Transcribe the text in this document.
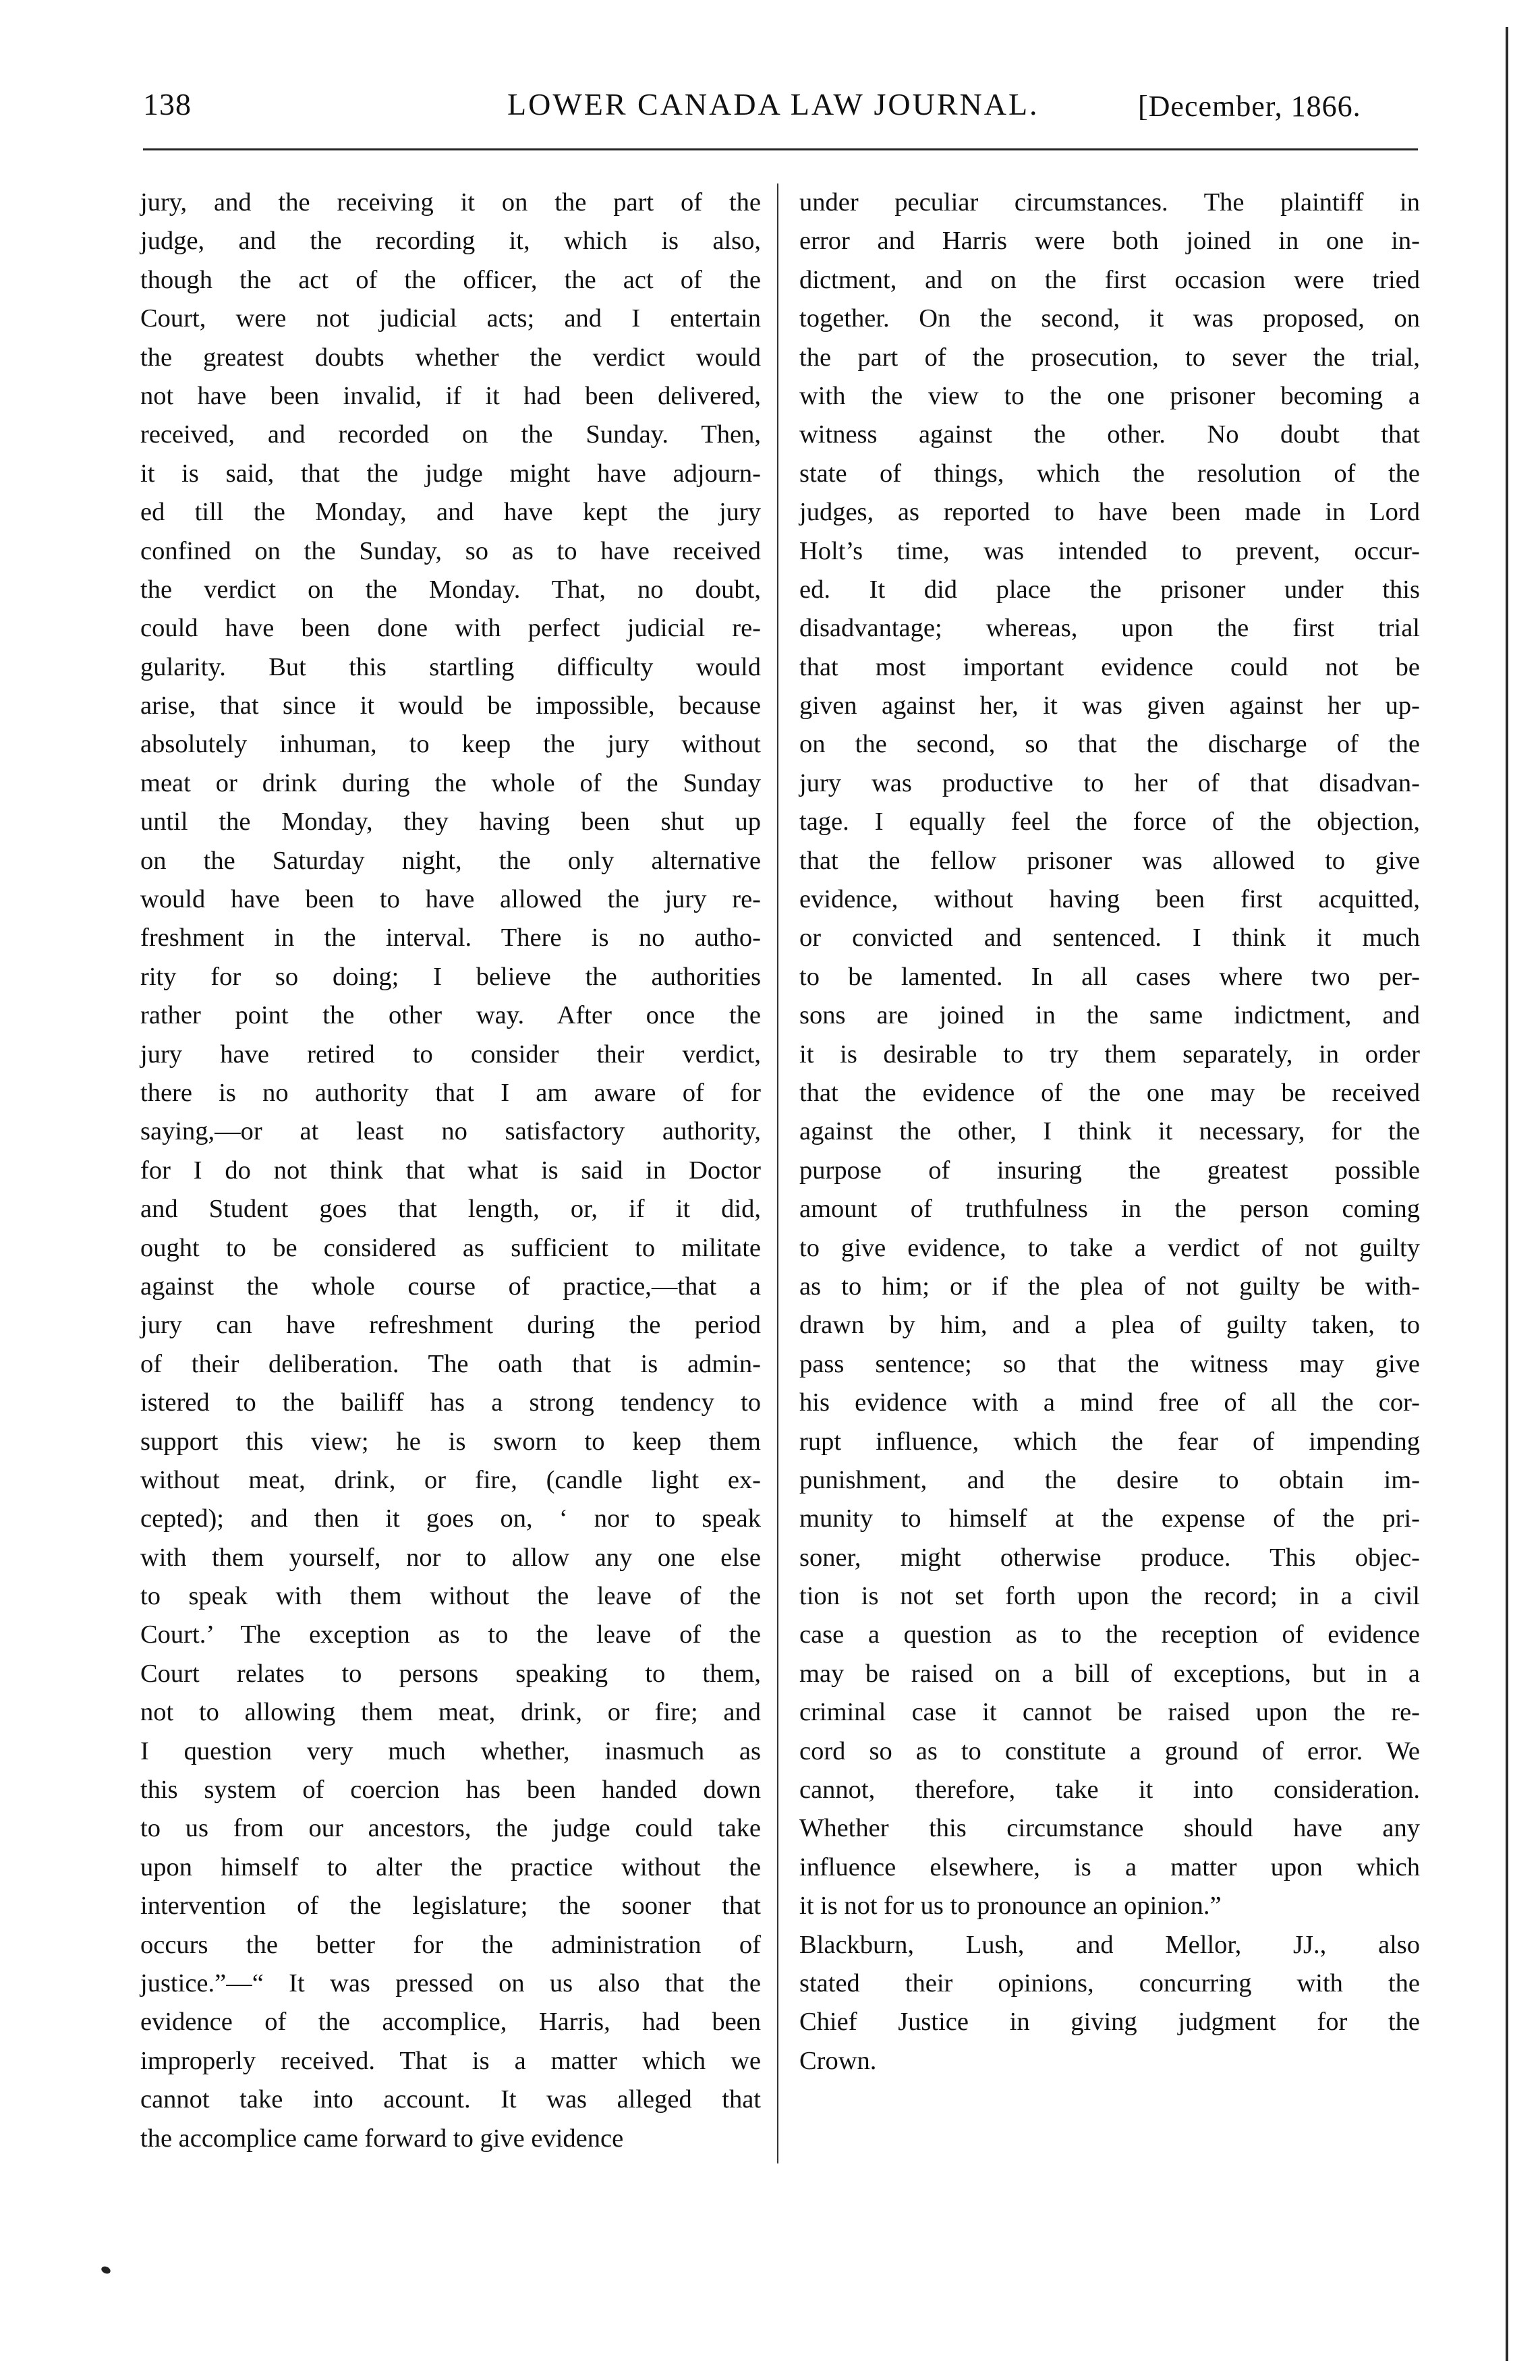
138	LOWER CANADA LAW JOURNAL.	[December, 1866.
jury, and the receiving it on the part of the
judge, and the recording it, which is also,
though the act of the officer, the act of the
Court, were not judicial acts; and I entertain
the greatest doubts whether the verdict would
not have been invalid, if it had been delivered,
received, and recorded on the Sunday. Then,
it is said, that the judge might have adjourn-
ed till the Monday, and have kept the jury
confined on the Sunday, so as to have received
the verdict on the Monday. That, no doubt,
could have been done with perfect judicial re-
gularity. But this startling difficulty would
arise, that since it would be impossible, because
absolutely inhuman, to keep the jury without
meat or drink during the whole of the Sunday
until the Monday, they having been shut up
on the Saturday night, the only alternative
would have been to have allowed the jury re-
freshment in the interval. There is no autho-
rity for so doing; I believe the authorities
rather point the other way. After once the
jury have retired to consider their verdict,
there is no authority that I am aware of for
saying,—or at least no satisfactory authority,
for I do not think that what is said in Doctor
and Student goes that length, or, if it did,
ought to be considered as sufficient to militate
against the whole course of practice,—that a
jury can have refreshment during the period
of their deliberation. The oath that is admin-
istered to the bailiff has a strong tendency to
support this view; he is sworn to keep them
without meat, drink, or fire, (candle light ex-
cepted); and then it goes on, ‘ nor to speak
with them yourself, nor to allow any one else
to speak with them without the leave of the
Court.’ The exception as to the leave of the
Court relates to persons speaking to them,
not to allowing them meat, drink, or fire; and
I question very much whether, inasmuch as
this system of coercion has been handed down
to us from our ancestors, the judge could take
upon himself to alter the practice without the
intervention of the legislature; the sooner that
occurs the better for the administration of
justice.”—“ It was pressed on us also that the
evidence of the accomplice, Harris, had been
improperly received. That is a matter which we
cannot take into account. It was alleged that
the accomplice came forward to give evidence
under peculiar circumstances. The plaintiff in
error and Harris were both joined in one in-
dictment, and on the first occasion were tried
together. On the second, it was proposed, on
the part of the prosecution, to sever the trial,
with the view to the one prisoner becoming a
witness against the other. No doubt that
state of things, which the resolution of the
judges, as reported to have been made in Lord
Holt’s time, was intended to prevent, occur-
ed. It did place the prisoner under this
disadvantage; whereas, upon the first trial
that most important evidence could not be
given against her, it was given against her up-
on the second, so that the discharge of the
jury was productive to her of that disadvan-
tage. I equally feel the force of the objection,
that the fellow prisoner was allowed to give
evidence, without having been first acquitted,
or convicted and sentenced. I think it much
to be lamented. In all cases where two per-
sons are joined in the same indictment, and
it is desirable to try them separately, in order
that the evidence of the one may be received
against the other, I think it necessary, for the
purpose of insuring the greatest possible
amount of truthfulness in the person coming
to give evidence, to take a verdict of not guilty
as to him; or if the plea of not guilty be with-
drawn by him, and a plea of guilty taken, to
pass sentence; so that the witness may give
his evidence with a mind free of all the cor-
rupt influence, which the fear of impending
punishment, and the desire to obtain im-
munity to himself at the expense of the pri-
soner, might otherwise produce. This objec-
tion is not set forth upon the record; in a civil
case a question as to the reception of evidence
may be raised on a bill of exceptions, but in a
criminal case it cannot be raised upon the re-
cord so as to constitute a ground of error. We
cannot, therefore, take it into consideration.
Whether this circumstance should have any
influence elsewhere, is a matter upon which
it is not for us to pronounce an opinion.”
Blackburn, Lush, and Mellor, JJ., also
stated their opinions, concurring with the
Chief Justice in giving judgment for the
Crown.
